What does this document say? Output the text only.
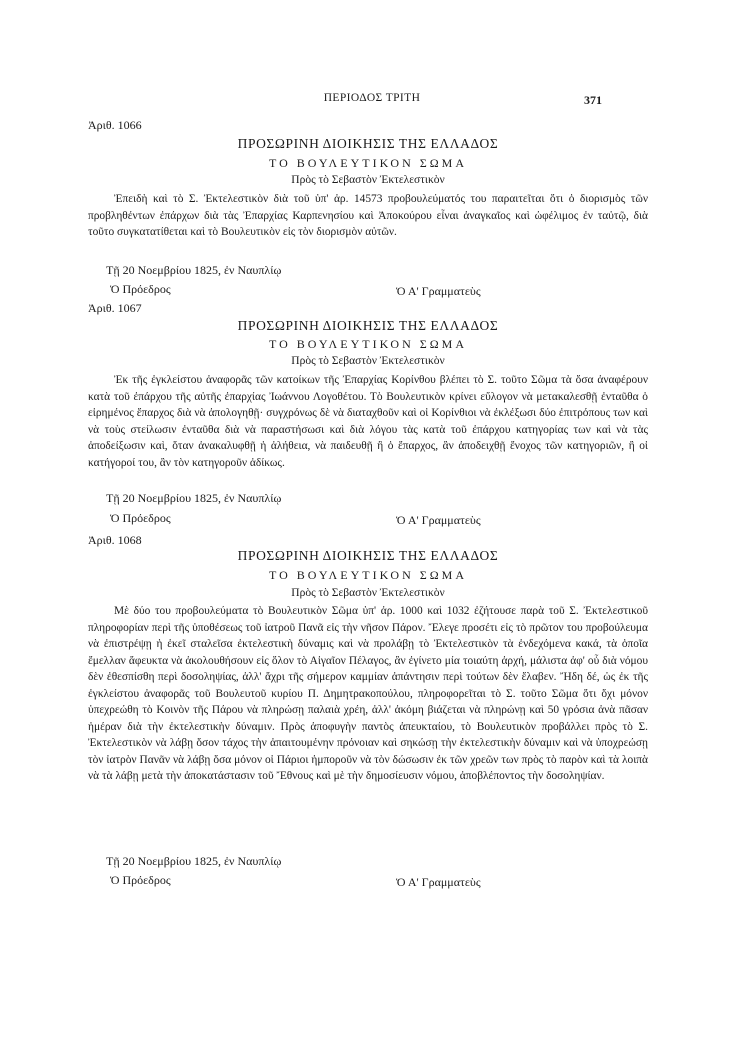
ΠΕΡΙΟΔΟΣ ΤΡΙΤΗ	371
Ἀριθ. 1066
ΠΡΟΣΩΡΙΝΗ ΔΙΟΙΚΗΣΙΣ ΤΗΣ ΕΛΛΑΔΟΣ
ΤΟ ΒΟΥΛΕΥΤΙΚΟΝ ΣΩΜΑ
Πρὸς τὸ Σεβαστὸν Ἐκτελεστικὸν

Ἐπειδὴ καὶ τὸ Σ. Ἐκτελεστικὸν διὰ τοῦ ὑπ' ἀρ. 14573 προβουλεύματός του παραιτεῖται ὅτι ὁ διορισμὸς τῶν προβληθέντων ἐπάρχων διὰ τὰς Ἐπαρχίας Καρπενησίου καὶ Ἀποκούρου εἶναι ἀναγκαῖος καὶ ὠφέλιμος ἐν ταὐτῷ, διὰ τοῦτο συγκατατίθεται καὶ τὸ Βουλευτικὸν εἰς τὸν διορισμὸν αὐτῶν.

Τῇ 20 Νοεμβρίου 1825, ἐν Ναυπλίῳ
Ὁ Πρόεδρος	Ὁ Α' Γραμματεὺς
Ἀριθ. 1067
ΠΡΟΣΩΡΙΝΗ ΔΙΟΙΚΗΣΙΣ ΤΗΣ ΕΛΛΑΔΟΣ
ΤΟ ΒΟΥΛΕΥΤΙΚΟΝ ΣΩΜΑ
Πρὸς τὸ Σεβαστὸν Ἐκτελεστικὸν

Ἐκ τῆς ἐγκλείστου ἀναφορᾶς τῶν κατοίκων τῆς Ἐπαρχίας Κορίνθου βλέπει τὸ Σ. τοῦτο Σῶμα τὰ ὅσα ἀναφέρουν κατὰ τοῦ ἐπάρχου τῆς αὐτῆς ἐπαρχίας Ἰωάννου Λογοθέτου. Τὸ Βουλευτικὸν κρίνει εὔλογον νὰ μετακαλεσθῇ ἐνταῦθα ὁ εἰρημένος ἔπαρχος διὰ νὰ ἀπολογηθῇ· συγχρόνως δὲ νὰ διαταχθοῦν καὶ οἱ Κορίνθιοι νὰ ἐκλέξωσι δύο ἐπιτρόπους των καὶ νὰ τοὺς στείλωσιν ἐνταῦθα διὰ νὰ παραστήσωσι καὶ διὰ λόγου τὰς κατὰ τοῦ ἐπάρχου κατηγορίας των καὶ νὰ τὰς ἀποδείξωσιν καὶ, ὅταν ἀνακαλυφθῇ ἡ ἀλήθεια, νὰ παιδευθῇ ἢ ὁ ἔπαρχος, ἂν ἀποδειχθῇ ἔνοχος τῶν κατηγοριῶν, ἢ οἱ κατήγοροί του, ἂν τὸν κατηγοροῦν ἀδίκως.

Τῇ 20 Νοεμβρίου 1825, ἐν Ναυπλίῳ
Ὁ Πρόεδρος	Ὁ Α' Γραμματεὺς
Ἀριθ. 1068
ΠΡΟΣΩΡΙΝΗ ΔΙΟΙΚΗΣΙΣ ΤΗΣ ΕΛΛΑΔΟΣ
ΤΟ ΒΟΥΛΕΥΤΙΚΟΝ ΣΩΜΑ
Πρὸς τὸ Σεβαστὸν Ἐκτελεστικὸν

Μὲ δύο του προβουλεύματα τὸ Βουλευτικὸν Σῶμα ὑπ' ἀρ. 1000 καὶ 1032 ἐζήτουσε παρὰ τοῦ Σ. Ἐκτελεστικοῦ πληροφορίαν περὶ τῆς ὑποθέσεως τοῦ ἰατροῦ Πανᾶ εἰς τὴν νῆσον Πάρον. Ἔλεγε προσέτι εἰς τὸ πρῶτον του προβούλευμα νὰ ἐπιστρέψῃ ἡ ἐκεῖ σταλεῖσα ἐκτελεστικὴ δύναμις καὶ νὰ προλάβῃ τὸ Ἐκτελεστικὸν τὰ ἐνδεχόμενα κακά, τὰ ὁποῖα ἔμελλαν ἄφευκτα νὰ ἀκολουθήσουν εἰς ὅλον τὸ Αἰγαῖον Πέλαγος, ἂν ἐγίνετο μία τοιαύτη ἀρχή, μάλιστα ἀφ' οὗ διὰ νόμου δὲν ἐθεσπίσθη περὶ δοσοληψίας, ἀλλ' ἄχρι τῆς σήμερον καμμίαν ἀπάντησιν περὶ τούτων δὲν ἔλαβεν. Ἤδη δέ, ὡς ἐκ τῆς ἐγκλείστου ἀναφορᾶς τοῦ Βουλευτοῦ κυρίου Π. Δημητρακοπούλου, πληροφορεῖται τὸ Σ. τοῦτο Σῶμα ὅτι ὄχι μόνον ὑπεχρεώθη τὸ Κοινὸν τῆς Πάρου νὰ πληρώσῃ παλαιὰ χρέη, ἀλλ' ἀκόμη βιάζεται νὰ πληρώνῃ καὶ 50 γρόσια ἀνὰ πᾶσαν ἡμέραν διὰ τὴν ἐκτελεστικὴν δύναμιν. Πρὸς ἀποφυγὴν παντὸς ἀπευκταίου, τὸ Βουλευτικὸν προβάλλει πρὸς τὸ Σ. Ἐκτελεστικὸν νὰ λάβῃ ὅσον τάχος τὴν ἀπαιτουμένην πρόνοιαν καὶ σηκώσῃ τὴν ἐκτελεστικὴν δύναμιν καὶ νὰ ὑποχρεώσῃ τὸν ἰατρὸν Πανᾶν νὰ λάβῃ ὅσα μόνον οἱ Πάριοι ἠμποροῦν νὰ τὸν δώσωσιν ἐκ τῶν χρεῶν των πρὸς τὸ παρὸν καὶ τὰ λοιπὰ νὰ τὰ λάβῃ μετὰ τὴν ἀποκατάστασιν τοῦ Ἔθνους καὶ μὲ τὴν δημοσίευσιν νόμου, ἀποβλέποντος τὴν δοσοληψίαν.

Τῇ 20 Νοεμβρίου 1825, ἐν Ναυπλίῳ
Ὁ Πρόεδρος	Ὁ Α' Γραμματεὺς
